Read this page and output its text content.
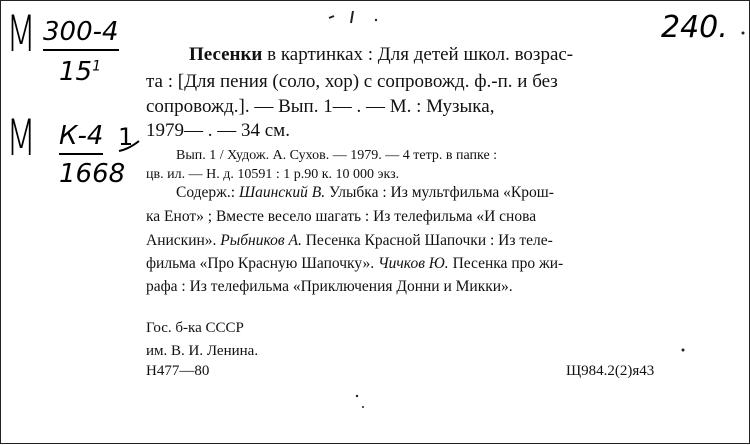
М 300-4
$15^1$
М К-4 1
1668
240.
Песенки в картинках : Для детей школ. возрас-
та : [Для пения (соло, хор) с сопровожд. ф.-п. и без
сопровожд.]. — Вып. 1— . — М. : Музыка,
1979— . — 34 см.
Вып. 1 / Худож. А. Сухов. — 1979. — 4 тетр. в папке :
цв. ил. — Н. д. 10591 : 1 р.90 к. 10 000 экз.
Содерж.: Шаинский В. Улыбка : Из мультфильма «Крош-
ка Енот» ; Вместе весело шагать : Из телефильма «И снова
Анискин». Рыбников А. Песенка Красной Шапочки : Из теле-
фильма «Про Красную Шапочку». Чичков Ю. Песенка про жи-
рафа : Из телефильма «Приключения Донни и Микки».
Гос. б-ка СССР
им. В. И. Ленина.
Н477—80	Щ984.2(2)я43
